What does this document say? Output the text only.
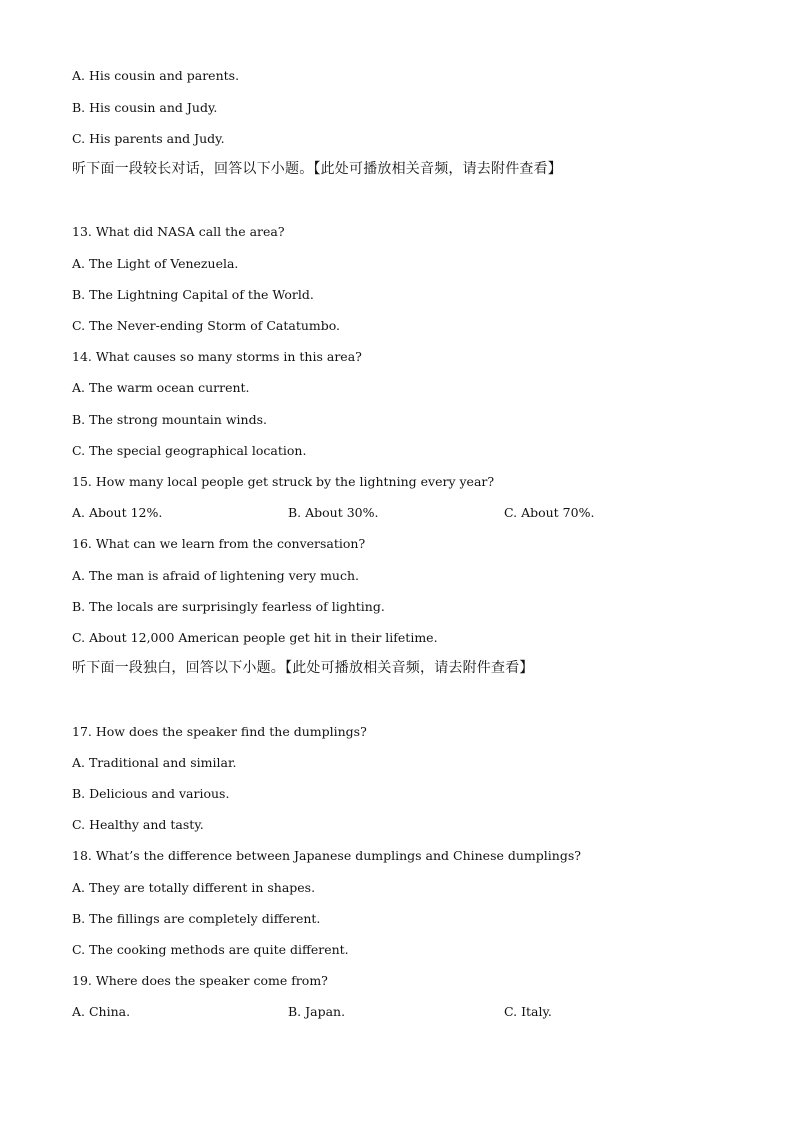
A. His cousin and parents.
B. His cousin and Judy.
C. His parents and Judy.
听下面一段较长对话，回答以下小题。【此处可播放相关音频，请去附件查看】
13. What did NASA call the area?
A. The Light of Venezuela.
B. The Lightning Capital of the World.
C. The Never-ending Storm of Catatumbo.
14. What causes so many storms in this area?
A. The warm ocean current.
B. The strong mountain winds.
C. The special geographical location.
15. How many local people get struck by the lightning every year?
A. About 12%.	B. About 30%.	C. About 70%.
16. What can we learn from the conversation?
A. The man is afraid of lightening very much.
B. The locals are surprisingly fearless of lighting.
C. About 12,000 American people get hit in their lifetime.
听下面一段独白，回答以下小题。【此处可播放相关音频，请去附件查看】
17. How does the speaker find the dumplings?
A. Traditional and similar.
B. Delicious and various.
C. Healthy and tasty.
18. What’s the difference between Japanese dumplings and Chinese dumplings?
A. They are totally different in shapes.
B. The fillings are completely different.
C. The cooking methods are quite different.
19. Where does the speaker come from?
A. China.	B. Japan.	C. Italy.
